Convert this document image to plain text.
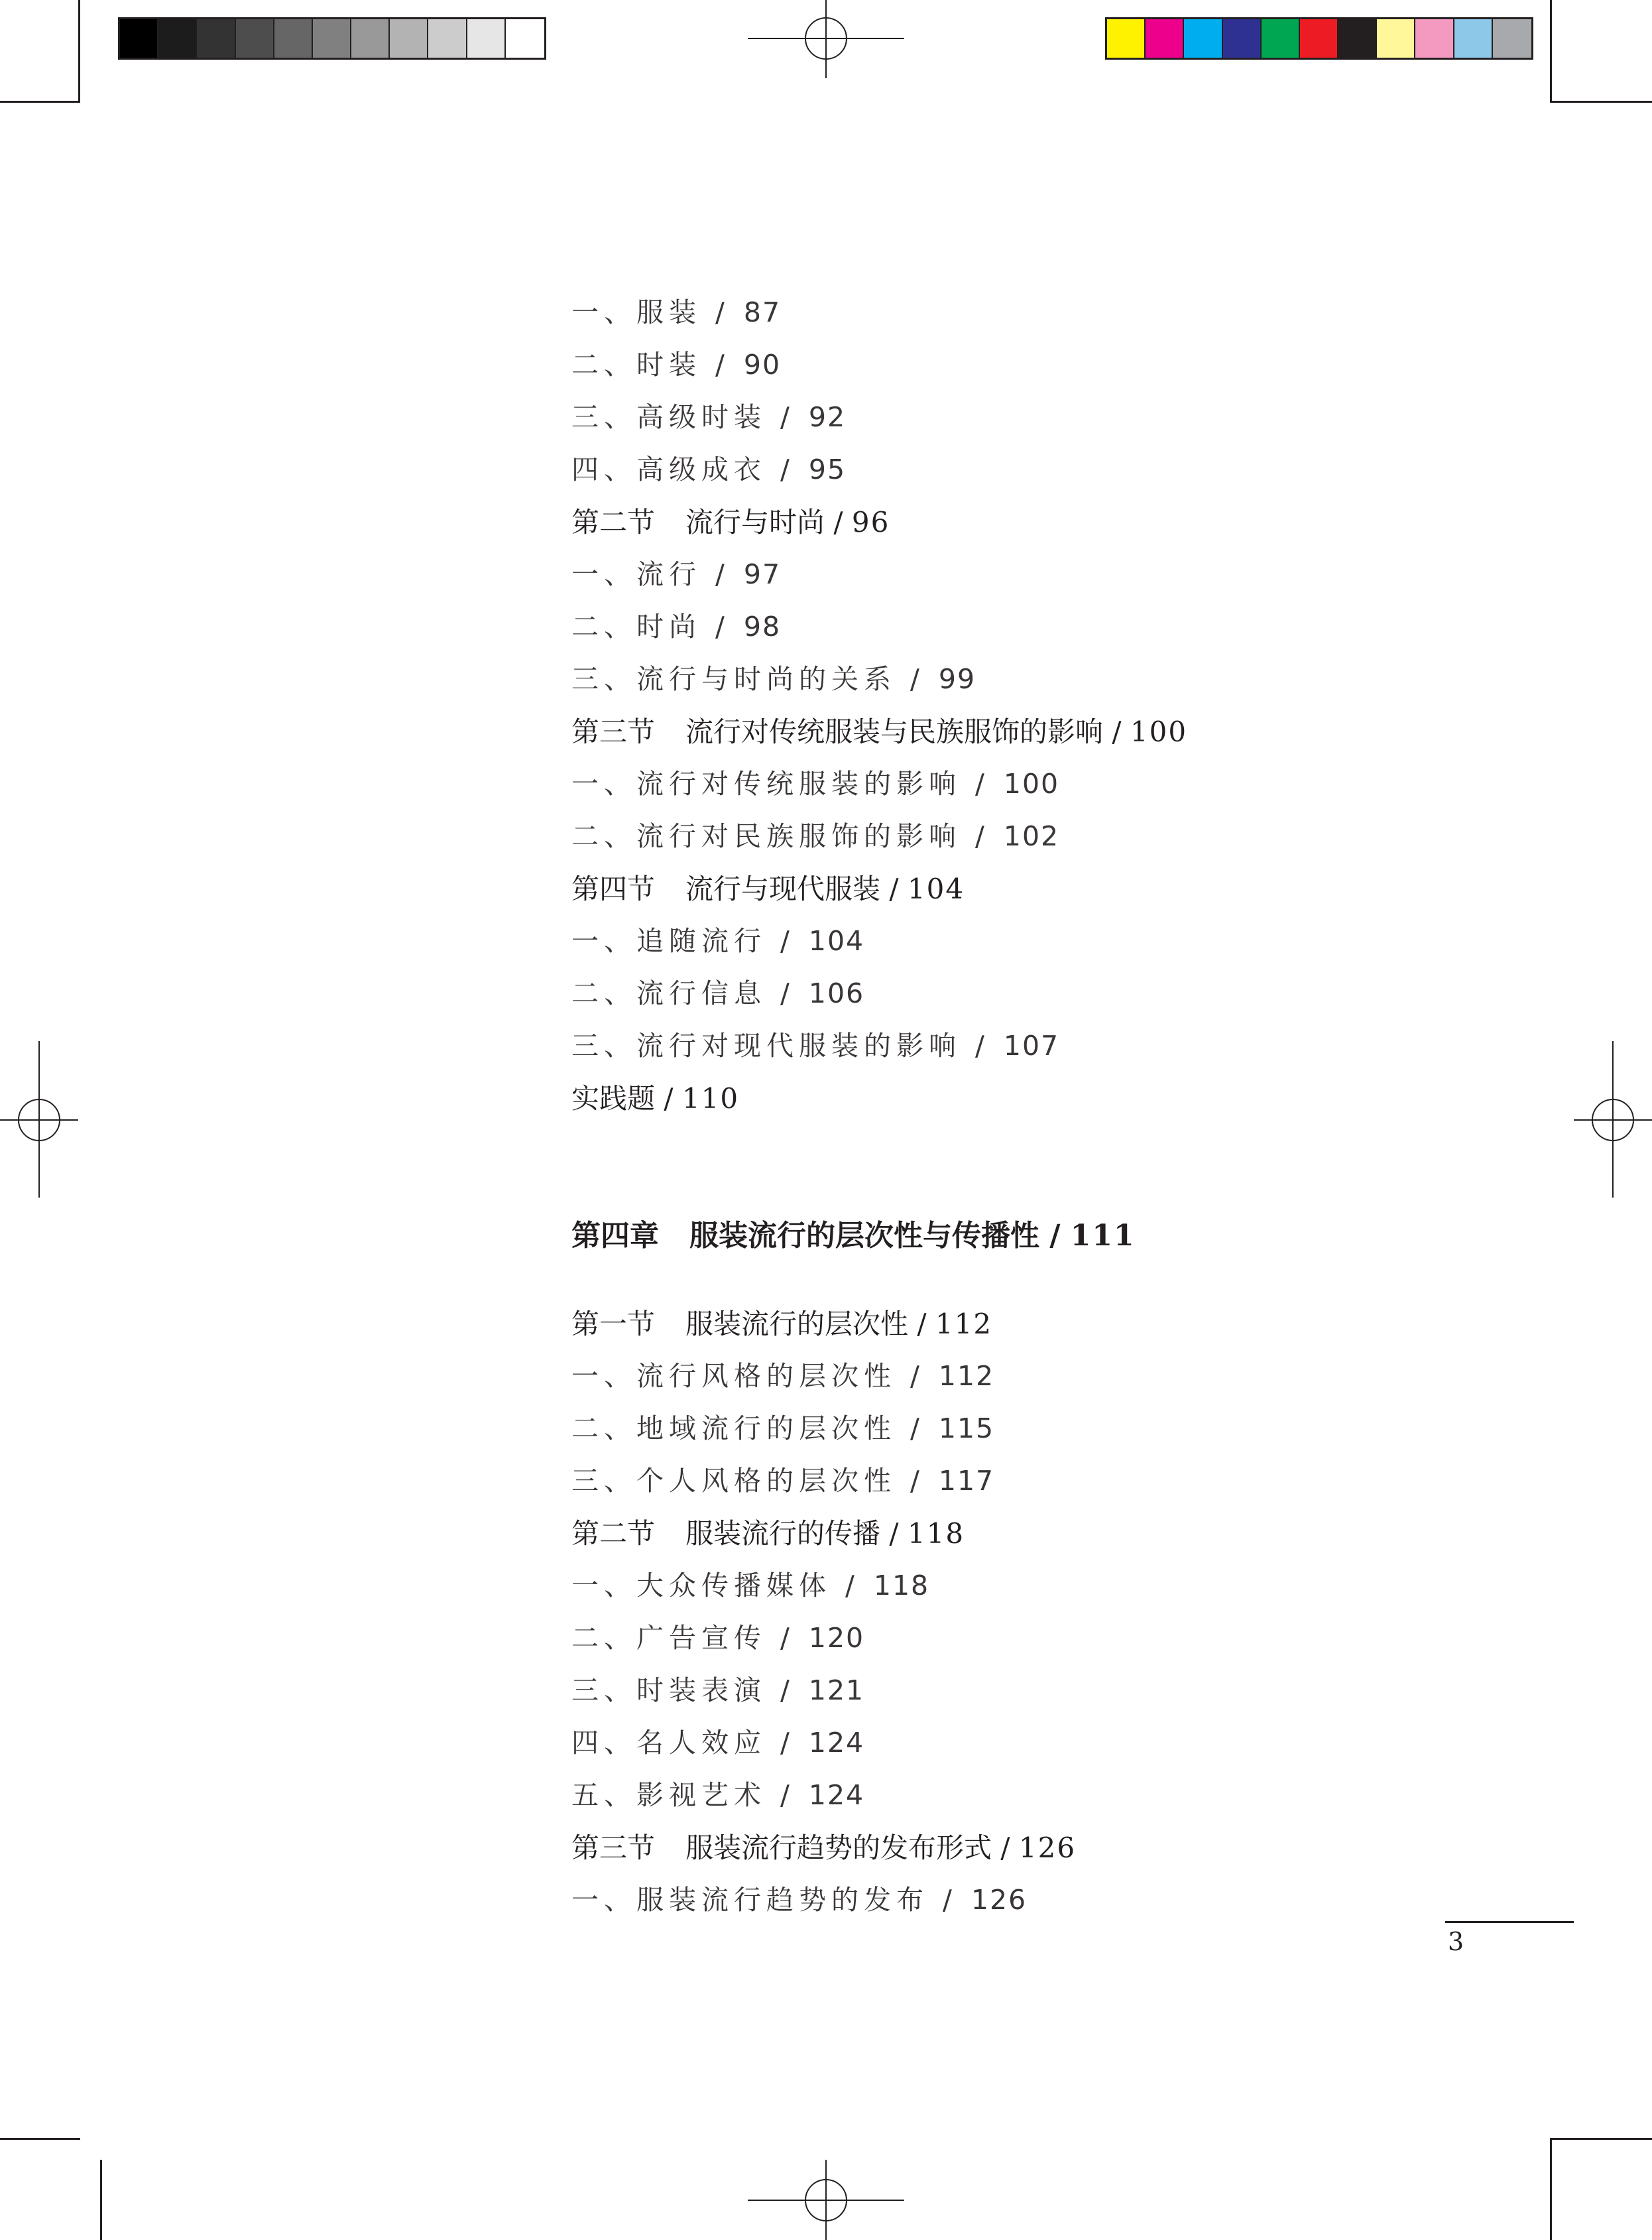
一、服装 / 87
二、时装 / 90
三、高级时装 / 92
四、高级成衣 / 95
第二节 流行与时尚 / 96
一、流行 / 97
二、时尚 / 98
三、流行与时尚的关系 / 99
第三节 流行对传统服装与民族服饰的影响 / 100
一、流行对传统服装的影响 / 100
二、流行对民族服饰的影响 / 102
第四节 流行与现代服装 / 104
一、追随流行 / 104
二、流行信息 / 106
三、流行对现代服装的影响 / 107
实践题 / 110
第四章 服装流行的层次性与传播性 / 111
第一节 服装流行的层次性 / 112
一、流行风格的层次性 / 112
二、地域流行的层次性 / 115
三、个人风格的层次性 / 117
第二节 服装流行的传播 / 118
一、大众传播媒体 / 118
二、广告宣传 / 120
三、时装表演 / 121
四、名人效应 / 124
五、影视艺术 / 124
第三节 服装流行趋势的发布形式 / 126
一、服装流行趋势的发布 / 126
3
